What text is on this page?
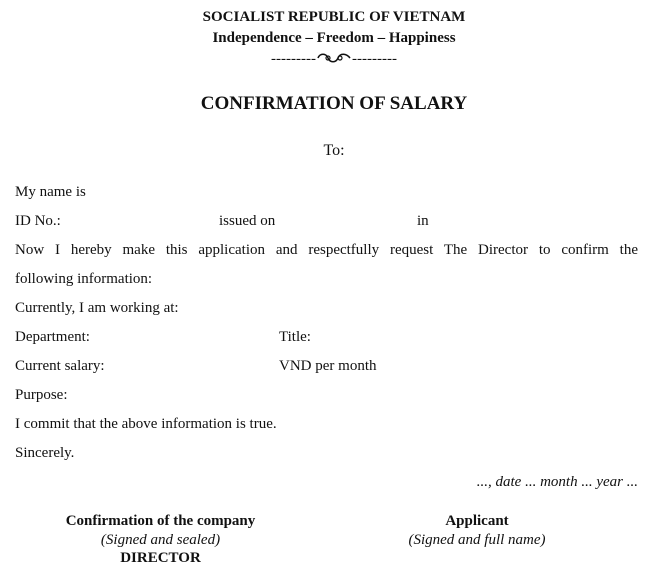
SOCIALIST REPUBLIC OF VIETNAM
Independence – Freedom – Happiness
--------- ---------
CONFIRMATION OF SALARY
To:
My name is
ID No.:	issued on	in
Now I hereby make this application and respectfully request The Director to confirm the
following information:
Currently, I am working at:
Department:	Title:
Current salary:	VND per month
Purpose:
I commit that the above information is true.
Sincerely.
..., date ... month ... year ...
Confirmation of the company
(Signed and sealed)
DIRECTOR
Applicant
(Signed and full name)
